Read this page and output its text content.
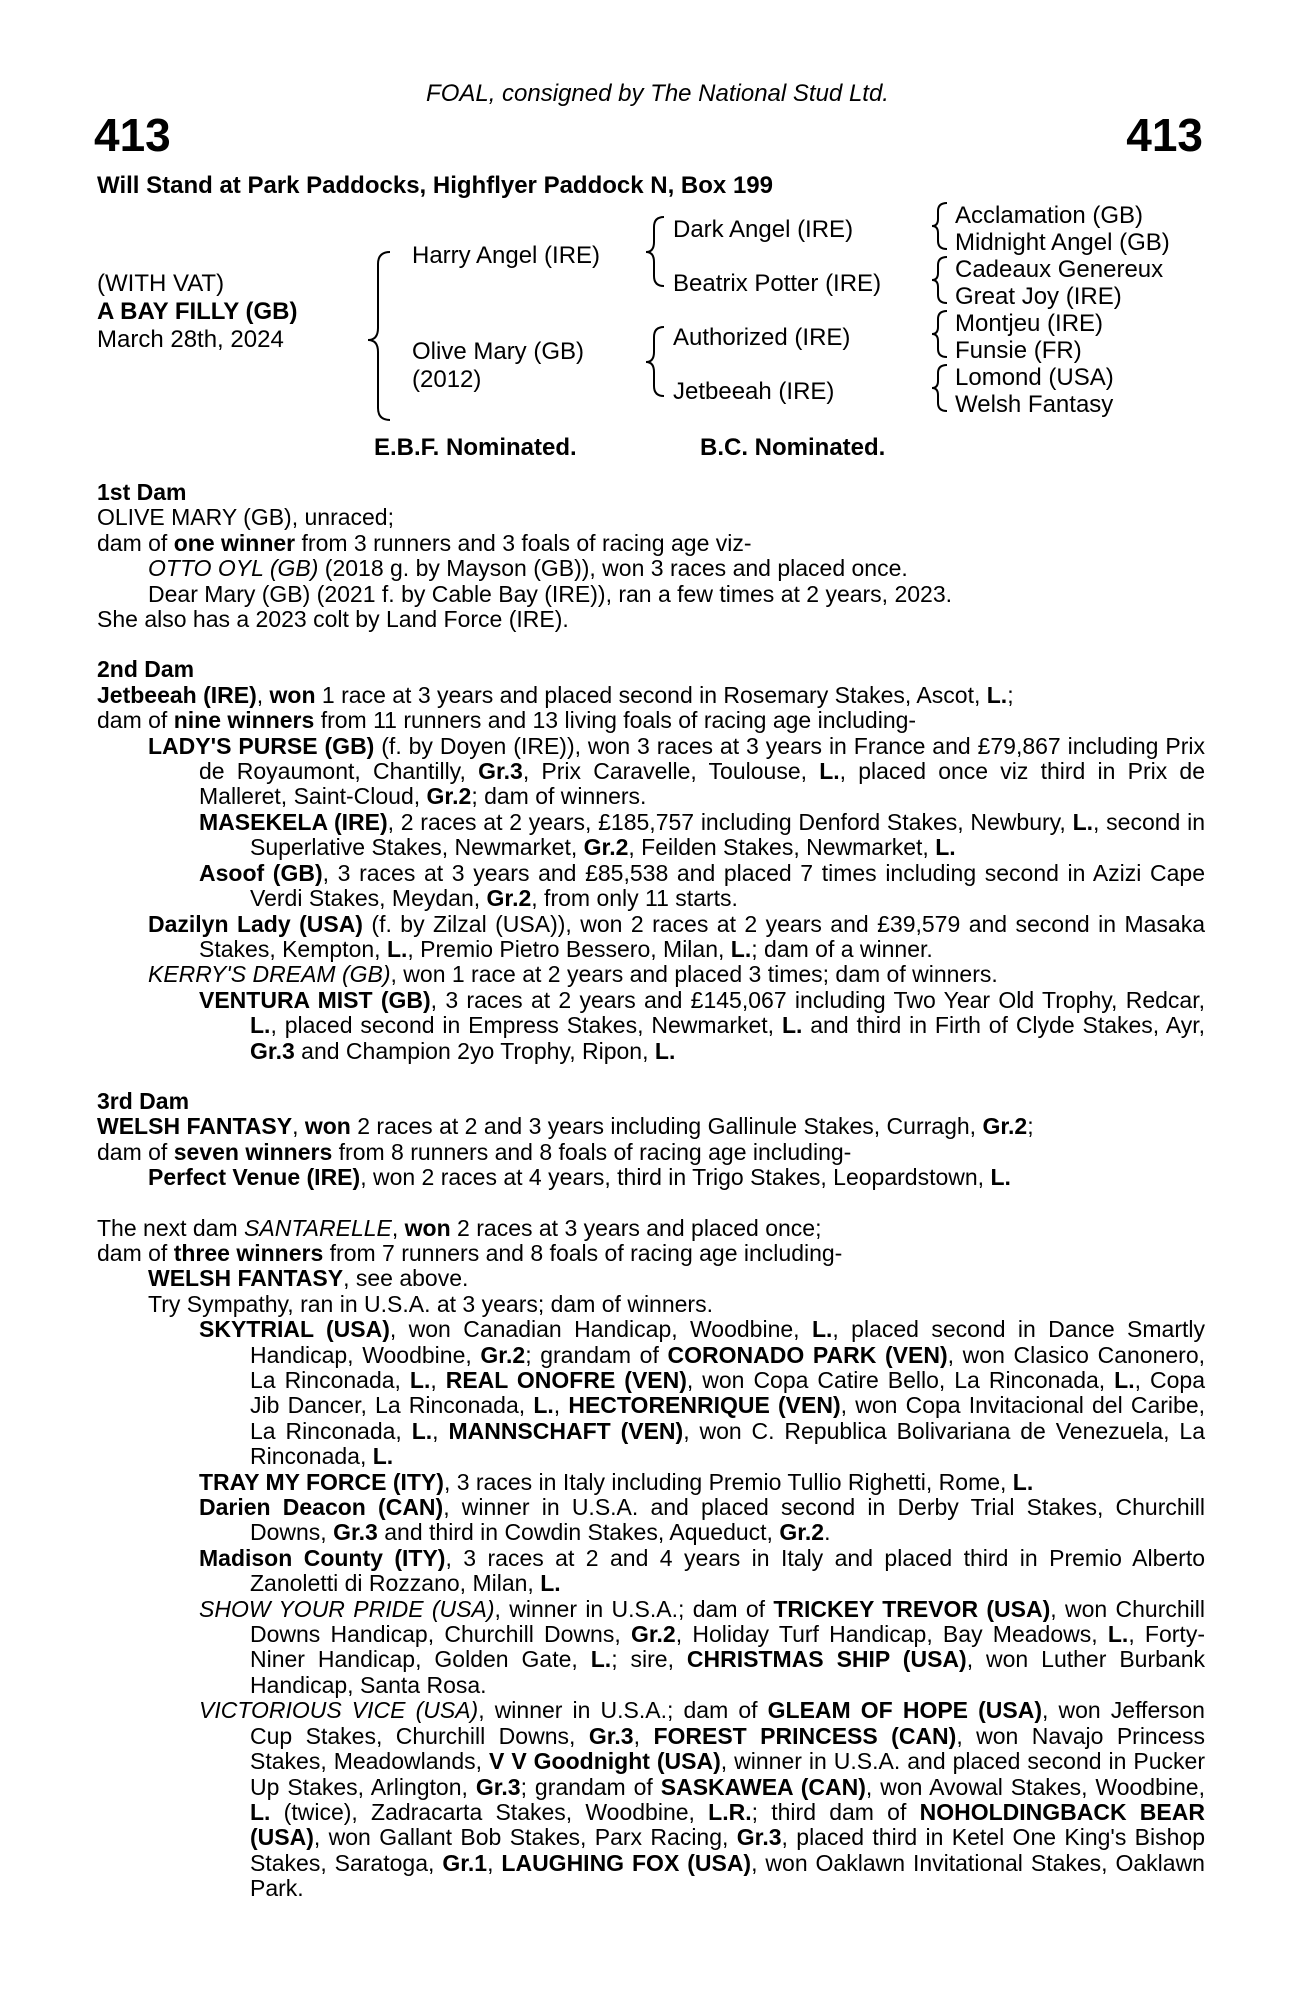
FOAL, consigned by The National Stud Ltd.
413	413
Will Stand at Park Paddocks, Highflyer Paddock N, Box 199
(WITH VAT)
A BAY FILLY (GB)
March 28th, 2024
Harry Angel (IRE)
Olive Mary (GB)
(2012)
Dark Angel (IRE)
Beatrix Potter (IRE)
Authorized (IRE)
Jetbeeah (IRE)
Acclamation (GB)
Midnight Angel (GB)
Cadeaux Genereux
Great Joy (IRE)
Montjeu (IRE)
Funsie (FR)
Lomond (USA)
Welsh Fantasy
E.B.F. Nominated.	B.C. Nominated.

1st Dam

OLIVE MARY (GB), unraced;

dam of one winner from 3 runners and 3 foals of racing age viz-

OTTO OYL (GB) (2018 g. by Mayson (GB)), won 3 races and placed once.

Dear Mary (GB) (2021 f. by Cable Bay (IRE)), ran a few times at 2 years, 2023.

She also has a 2023 colt by Land Force (IRE).

2nd Dam

Jetbeeah (IRE), won 1 race at 3 years and placed second in Rosemary Stakes, Ascot, L.;

dam of nine winners from 11 runners and 13 living foals of racing age including-

LADY'S PURSE (GB) (f. by Doyen (IRE)), won 3 races at 3 years in France and £79,867 including Prix de Royaumont, Chantilly, Gr.3, Prix Caravelle, Toulouse, L., placed once viz third in Prix de Malleret, Saint-Cloud, Gr.2; dam of winners.

MASEKELA (IRE), 2 races at 2 years, £185,757 including Denford Stakes, Newbury, L., second in Superlative Stakes, Newmarket, Gr.2, Feilden Stakes, Newmarket, L.

Asoof (GB), 3 races at 3 years and £85,538 and placed 7 times including second in Azizi Cape Verdi Stakes, Meydan, Gr.2, from only 11 starts.

Dazilyn Lady (USA) (f. by Zilzal (USA)), won 2 races at 2 years and £39,579 and second in Masaka Stakes, Kempton, L., Premio Pietro Bessero, Milan, L.; dam of a winner.

KERRY'S DREAM (GB), won 1 race at 2 years and placed 3 times; dam of winners.

VENTURA MIST (GB), 3 races at 2 years and £145,067 including Two Year Old Trophy, Redcar, L., placed second in Empress Stakes, Newmarket, L. and third in Firth of Clyde Stakes, Ayr, Gr.3 and Champion 2yo Trophy, Ripon, L.

3rd Dam

WELSH FANTASY, won 2 races at 2 and 3 years including Gallinule Stakes, Curragh, Gr.2;

dam of seven winners from 8 runners and 8 foals of racing age including-

Perfect Venue (IRE), won 2 races at 4 years, third in Trigo Stakes, Leopardstown, L.

The next dam SANTARELLE, won 2 races at 3 years and placed once;

dam of three winners from 7 runners and 8 foals of racing age including-

WELSH FANTASY, see above.

Try Sympathy, ran in U.S.A. at 3 years; dam of winners.

SKYTRIAL (USA), won Canadian Handicap, Woodbine, L., placed second in Dance Smartly Handicap, Woodbine, Gr.2; grandam of CORONADO PARK (VEN), won Clasico Canonero, La Rinconada, L., REAL ONOFRE (VEN), won Copa Catire Bello, La Rinconada, L., Copa Jib Dancer, La Rinconada, L., HECTORENRIQUE (VEN), won Copa Invitacional del Caribe, La Rinconada, L., MANNSCHAFT (VEN), won C. Republica Bolivariana de Venezuela, La Rinconada, L.

TRAY MY FORCE (ITY), 3 races in Italy including Premio Tullio Righetti, Rome, L.

Darien Deacon (CAN), winner in U.S.A. and placed second in Derby Trial Stakes, Churchill Downs, Gr.3 and third in Cowdin Stakes, Aqueduct, Gr.2.

Madison County (ITY), 3 races at 2 and 4 years in Italy and placed third in Premio Alberto Zanoletti di Rozzano, Milan, L.

SHOW YOUR PRIDE (USA), winner in U.S.A.; dam of TRICKEY TREVOR (USA), won Churchill Downs Handicap, Churchill Downs, Gr.2, Holiday Turf Handicap, Bay Meadows, L., Forty-Niner Handicap, Golden Gate, L.; sire, CHRISTMAS SHIP (USA), won Luther Burbank Handicap, Santa Rosa.

VICTORIOUS VICE (USA), winner in U.S.A.; dam of GLEAM OF HOPE (USA), won Jefferson Cup Stakes, Churchill Downs, Gr.3, FOREST PRINCESS (CAN), won Navajo Princess Stakes, Meadowlands, V V Goodnight (USA), winner in U.S.A. and placed second in Pucker Up Stakes, Arlington, Gr.3; grandam of SASKAWEA (CAN), won Avowal Stakes, Woodbine, L. (twice), Zadracarta Stakes, Woodbine, L.R.; third dam of NOHOLDINGBACK BEAR (USA), won Gallant Bob Stakes, Parx Racing, Gr.3, placed third in Ketel One King's Bishop Stakes, Saratoga, Gr.1, LAUGHING FOX (USA), won Oaklawn Invitational Stakes, Oaklawn Park.
